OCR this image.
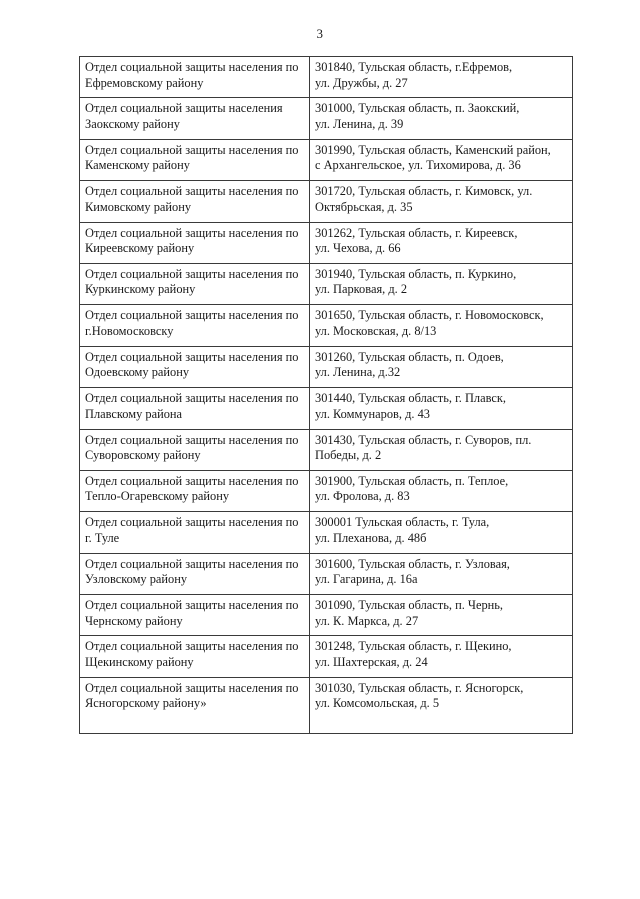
3
Отдел социальной защиты населения по
Ефремовскому району	301840, Тульская область, г.Ефремов,
ул. Дружбы, д. 27

Отдел социальной защиты населения
Заокскому району	301000, Тульская область, п. Заокский,
ул. Ленина, д. 39

Отдел социальной защиты населения по
Каменскому району	301990, Тульская область, Каменский район,
с Архангельское, ул. Тихомирова, д. 36

Отдел социальной защиты населения по
Кимовскому району	301720, Тульская область, г. Кимовск, ул.
Октябрьская, д. 35

Отдел социальной защиты населения по
Киреевскому району	301262, Тульская область, г. Киреевск,
ул. Чехова, д. 66

Отдел социальной защиты населения по
Куркинскому району	301940, Тульская область, п. Куркино,
ул. Парковая, д. 2

Отдел социальной защиты населения по
г.Новомосковску	301650, Тульская область, г. Новомосковск,
ул. Московская, д. 8/13

Отдел социальной защиты населения по
Одоевскому району	301260, Тульская область, п. Одоев,
ул. Ленина, д.32

Отдел социальной защиты населения по
Плавскому района	301440, Тульская область, г. Плавск,
ул. Коммунаров, д. 43

Отдел социальной защиты населения по
Суворовскому району	301430, Тульская область, г. Суворов, пл.
Победы, д. 2

Отдел социальной защиты населения по
Тепло-Огаревскому району	301900, Тульская область, п. Теплое,
ул. Фролова, д. 83

Отдел социальной защиты населения по
г. Туле	300001 Тульская область, г. Тула,
ул. Плеханова, д. 48б

Отдел социальной защиты населения по
Узловскому району	301600, Тульская область, г. Узловая,
ул. Гагарина, д. 16а

Отдел социальной защиты населения по
Чернскому району	301090, Тульская область, п. Чернь,
ул. К. Маркса, д. 27

Отдел социальной защиты населения по
Щекинскому району	301248, Тульская область, г. Щекино,
ул. Шахтерская, д. 24

Отдел социальной защиты населения по
Ясногорскому району»	301030, Тульская область, г. Ясногорск,
ул. Комсомольская, д. 5
